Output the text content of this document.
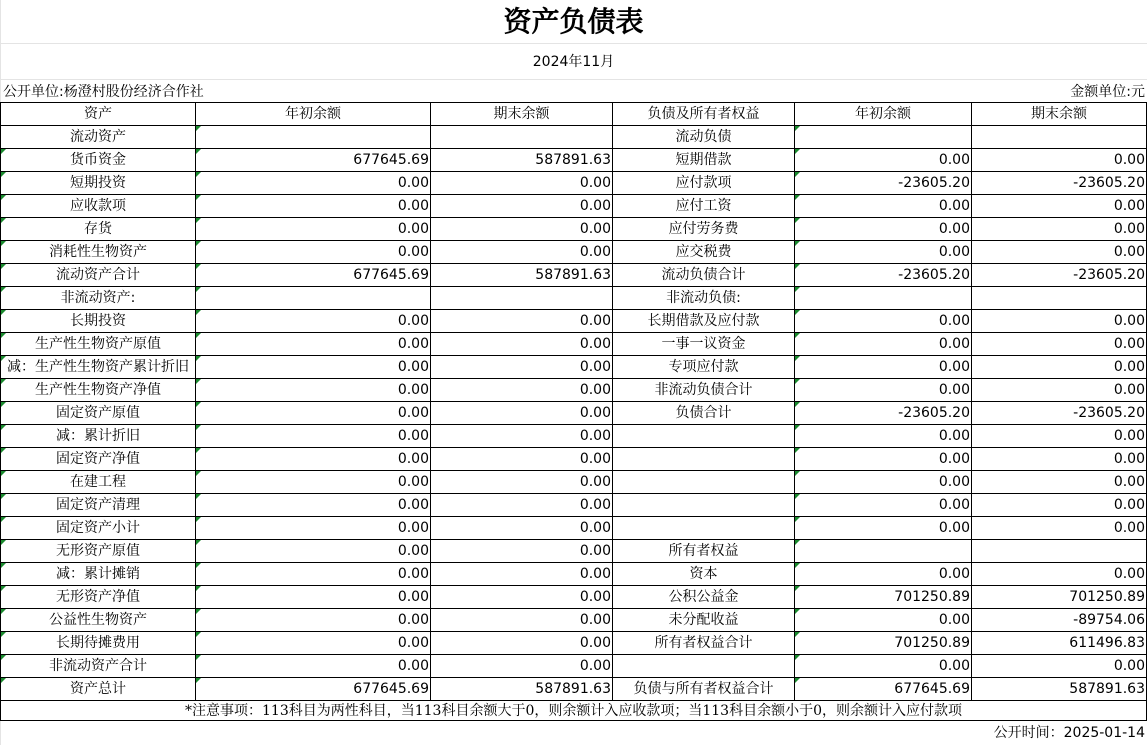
资产负债表
2024年11月
公开单位:杨澄村股份经济合作社	金额单位:元
资产	年初余额	期末余额	负债及所有者权益	年初余额	期末余额
流动资产			流动负债		
货币资金	677645.69	587891.63	短期借款	0.00	0.00
短期投资	0.00	0.00	应付款项	-23605.20	-23605.20
应收款项	0.00	0.00	应付工资	0.00	0.00
存货	0.00	0.00	应付劳务费	0.00	0.00
消耗性生物资产	0.00	0.00	应交税费	0.00	0.00
流动资产合计	677645.69	587891.63	流动负债合计	-23605.20	-23605.20
非流动资产:			非流动负债:		
长期投资	0.00	0.00	长期借款及应付款	0.00	0.00
生产性生物资产原值	0.00	0.00	一事一议资金	0.00	0.00
减：生产性生物资产累计折旧	0.00	0.00	专项应付款	0.00	0.00
生产性生物资产净值	0.00	0.00	非流动负债合计	0.00	0.00
固定资产原值	0.00	0.00	负债合计	-23605.20	-23605.20
减：累计折旧	0.00	0.00		0.00	0.00
固定资产净值	0.00	0.00		0.00	0.00
在建工程	0.00	0.00		0.00	0.00
固定资产清理	0.00	0.00		0.00	0.00
固定资产小计	0.00	0.00		0.00	0.00
无形资产原值	0.00	0.00	所有者权益		
减：累计摊销	0.00	0.00	资本	0.00	0.00
无形资产净值	0.00	0.00	公积公益金	701250.89	701250.89
公益性生物资产	0.00	0.00	未分配收益	0.00	-89754.06
长期待摊费用	0.00	0.00	所有者权益合计	701250.89	611496.83
非流动资产合计	0.00	0.00		0.00	0.00
资产总计	677645.69	587891.63	负债与所有者权益合计	677645.69	587891.63
*注意事项：113科目为两性科目，当113科目余额大于0，则余额计入应收款项；当113科目余额小于0，则余额计入应付款项
公开时间：2025-01-14
